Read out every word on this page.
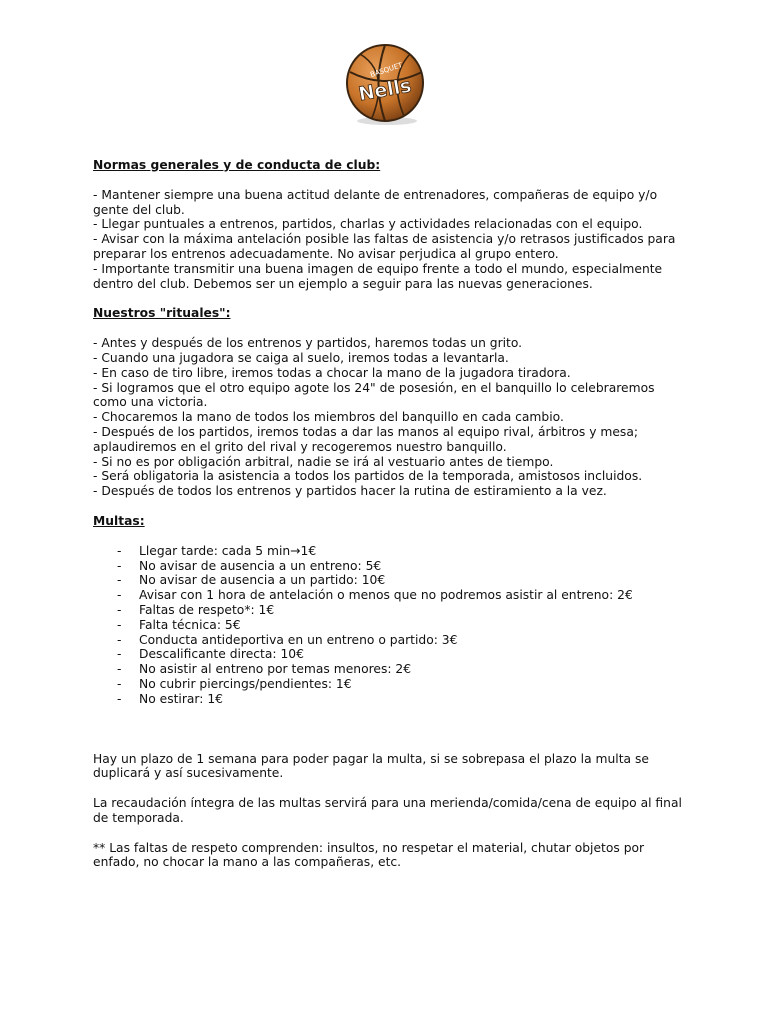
BASQUET
Nells

Normas generales y de conducta de club:

- Mantener siempre una buena actitud delante de entrenadores, compañeras de equipo y/o gente del club.

- Llegar puntuales a entrenos, partidos, charlas y actividades relacionadas con el equipo.

- Avisar con la máxima antelación posible las faltas de asistencia y/o retrasos justificados para preparar los entrenos adecuadamente. No avisar perjudica al grupo entero.

- Importante transmitir una buena imagen de equipo frente a todo el mundo, especialmente dentro del club. Debemos ser un ejemplo a seguir para las nuevas generaciones.

Nuestros "rituales":

- Antes y después de los entrenos y partidos, haremos todas un grito.

- Cuando una jugadora se caiga al suelo, iremos todas a levantarla.

- En caso de tiro libre, iremos todas a chocar la mano de la jugadora tiradora.

- Si logramos que el otro equipo agote los 24" de posesión, en el banquillo lo celebraremos como una victoria.

- Chocaremos la mano de todos los miembros del banquillo en cada cambio.

- Después de los partidos, iremos todas a dar las manos al equipo rival, árbitros y mesa; aplaudiremos en el grito del rival y recogeremos nuestro banquillo.

- Si no es por obligación arbitral, nadie se irá al vestuario antes de tiempo.

- Será obligatoria la asistencia a todos los partidos de la temporada, amistosos incluidos.

- Después de todos los entrenos y partidos hacer la rutina de estiramiento a la vez.

Multas:

- Llegar tarde: cada 5 min→1€
- No avisar de ausencia a un entreno: 5€
- No avisar de ausencia a un partido: 10€
- Avisar con 1 hora de antelación o menos que no podremos asistir al entreno: 2€
- Faltas de respeto*: 1€
- Falta técnica: 5€
- Conducta antideportiva en un entreno o partido: 3€
- Descalificante directa: 10€
- No asistir al entreno por temas menores: 2€
- No cubrir piercings/pendientes: 1€
- No estirar: 1€

Hay un plazo de 1 semana para poder pagar la multa, si se sobrepasa el plazo la multa se duplicará y así sucesivamente.

La recaudación íntegra de las multas servirá para una merienda/comida/cena de equipo al final de temporada.

** Las faltas de respeto comprenden: insultos, no respetar el material, chutar objetos por enfado, no chocar la mano a las compañeras, etc.
